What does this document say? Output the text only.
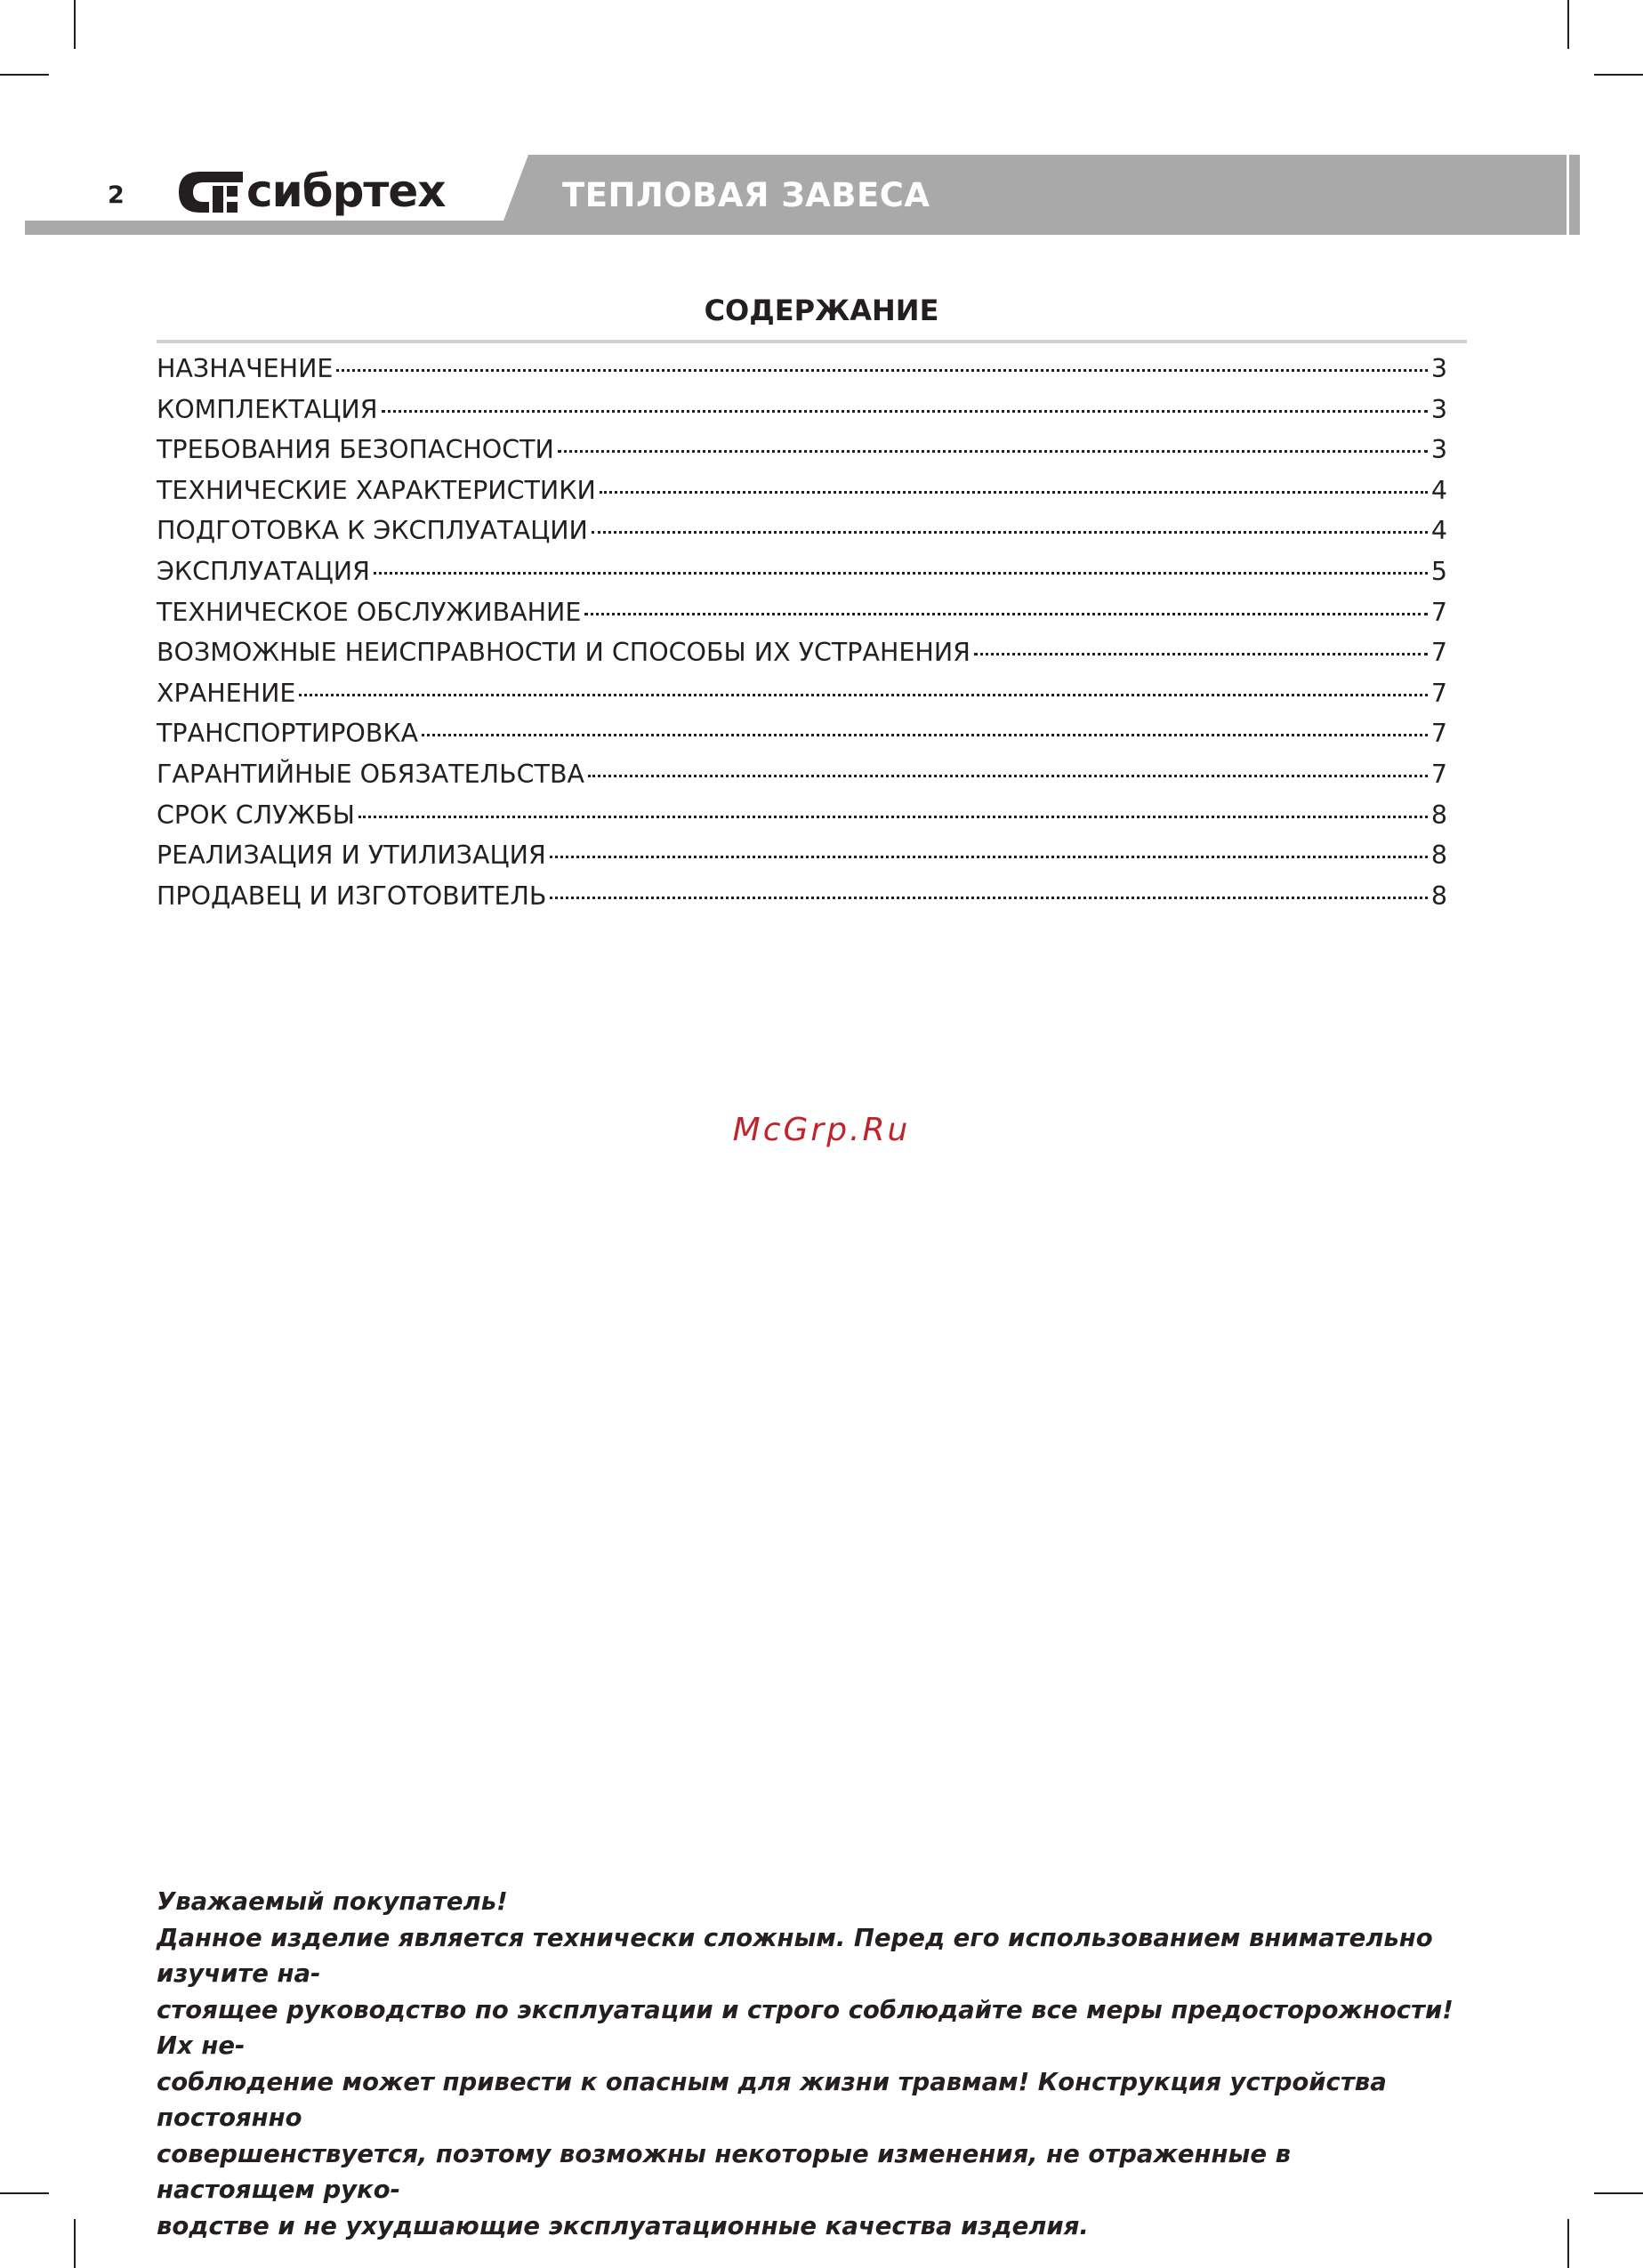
2	сибртех	ТЕПЛОВАЯ ЗАВЕСА
СОДЕРЖАНИЕ
НАЗНАЧЕНИЕ	3
КОМПЛЕКТАЦИЯ	3
ТРЕБОВАНИЯ БЕЗОПАСНОСТИ	3
ТЕХНИЧЕСКИЕ ХАРАКТЕРИСТИКИ	4
ПОДГОТОВКА К ЭКСПЛУАТАЦИИ	4
ЭКСПЛУАТАЦИЯ	5
ТЕХНИЧЕСКОЕ ОБСЛУЖИВАНИЕ	7
ВОЗМОЖНЫЕ НЕИСПРАВНОСТИ И СПОСОБЫ ИХ УСТРАНЕНИЯ	7
ХРАНЕНИЕ	7
ТРАНСПОРТИРОВКА	7
ГАРАНТИЙНЫЕ ОБЯЗАТЕЛЬСТВА	7
СРОК СЛУЖБЫ	8
РЕАЛИЗАЦИЯ И УТИЛИЗАЦИЯ	8
ПРОДАВЕЦ И ИЗГОТОВИТЕЛЬ	8
McGrp.Ru

Уважаемый покупатель!

Данное изделие является технически сложным. Перед его использованием внимательно изучите на-

стоящее руководство по эксплуатации и строго соблюдайте все меры предосторожности! Их не-

соблюдение может привести к опасным для жизни травмам! Конструкция устройства постоянно

совершенствуется, поэтому возможны некоторые изменения, не отраженные в настоящем руко-

водстве и не ухудшающие эксплуатационные качества изделия.
